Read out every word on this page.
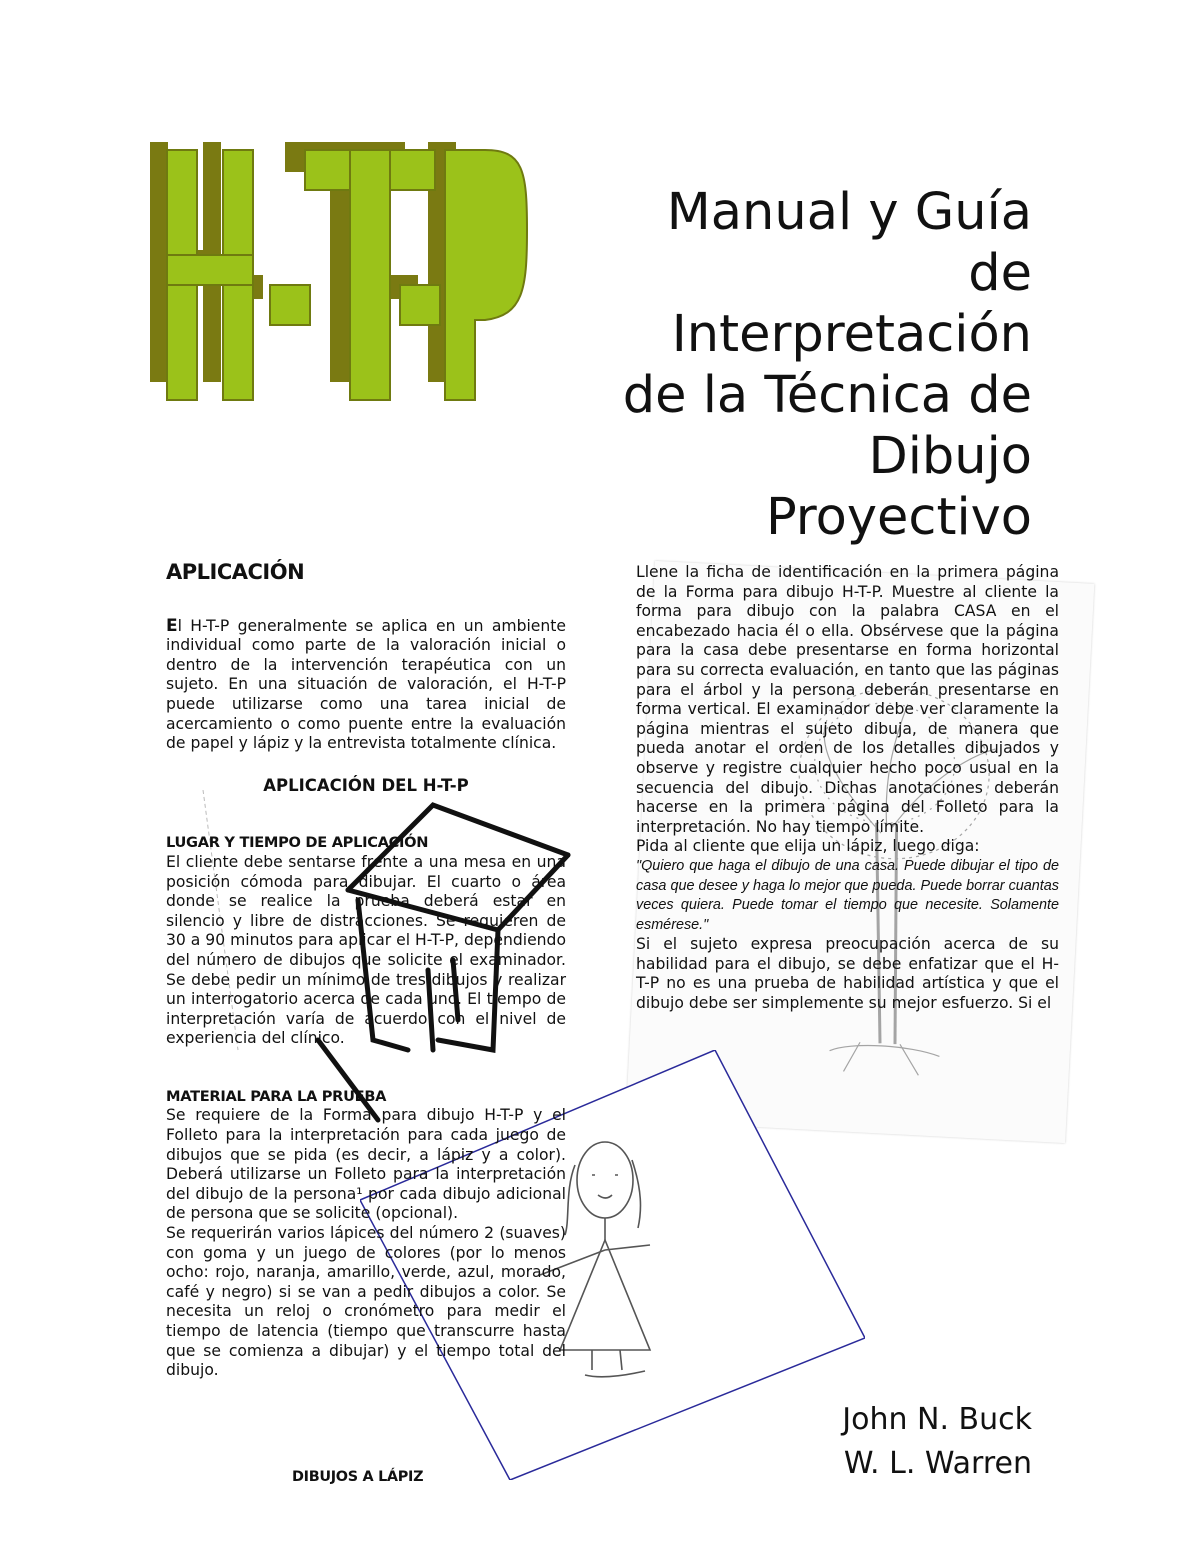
H-T-P
Manual y Guía
de
Interpretación
de la Técnica de
Dibujo
Proyectivo
APLICACIÓN

El H-T-P generalmente se aplica en un ambiente individual como parte de la valoración inicial o dentro de la intervención terapéutica con un sujeto. En una situación de valoración, el H-T-P puede utilizarse como una tarea inicial de acercamiento o como puente entre la evaluación de papel y lápiz y la entrevista totalmente clínica.

APLICACIÓN DEL H-T-P
LUGAR Y TIEMPO DE APLICACIÓN

El cliente debe sentarse frente a una mesa en una posición cómoda para dibujar. El cuarto o área donde se realice la prueba deberá estar en silencio y libre de distracciones. Se requieren de 30 a 90 minutos para aplicar el H-T-P, dependiendo del número de dibujos que solicite el examinador. Se debe pedir un mínimo de tres dibujos y realizar un interrogatorio acerca de cada uno. El tiempo de interpretación varía de acuerdo con el nivel de experiencia del clínico.

MATERIAL PARA LA PRUEBA

Se requiere de la Forma para dibujo H-T-P y el Folleto para la interpretación para cada juego de dibujos que se pida (es decir, a lápiz y a color). Deberá utilizarse un Folleto para la interpretación del dibujo de la persona¹ por cada dibujo adicional de persona que se solicite (opcional).

Se requerirán varios lápices del número 2 (suaves) con goma y un juego de colores (por lo menos ocho: rojo, naranja, amarillo, verde, azul, morado, café y negro) si se van a pedir dibujos a color. Se necesita un reloj o cronómetro para medir el tiempo de latencia (tiempo que transcurre hasta que se comienza a dibujar) y el tiempo total del dibujo.

DIBUJOS A LÁPIZ

Llene la ficha de identificación en la primera página de la Forma para dibujo H-T-P. Muestre al cliente la forma para dibujo con la palabra CASA en el encabezado hacia él o ella. Obsérvese que la página para la casa debe presentarse en forma horizontal para su correcta evaluación, en tanto que las páginas para el árbol y la persona deberán presentarse en forma vertical. El examinador debe ver claramente la página mientras el sujeto dibuja, de manera que pueda anotar el orden de los detalles dibujados y observe y registre cualquier hecho poco usual en la secuencia del dibujo. Dichas anotaciones deberán hacerse en la primera página del Folleto para la interpretación. No hay tiempo límite.

Pida al cliente que elija un lápiz, luego diga:

"Quiero que haga el dibujo de una casa. Puede dibujar el tipo de casa que desee y haga lo mejor que pueda. Puede borrar cuantas veces quiera. Puede tomar el tiempo que necesite. Solamente esmérese."

Si el sujeto expresa preocupación acerca de su habilidad para el dibujo, se debe enfatizar que el H- T-P no es una prueba de habilidad artística y que el dibujo debe ser simplemente su mejor esfuerzo. Si el

John N. Buck
W. L. Warren
